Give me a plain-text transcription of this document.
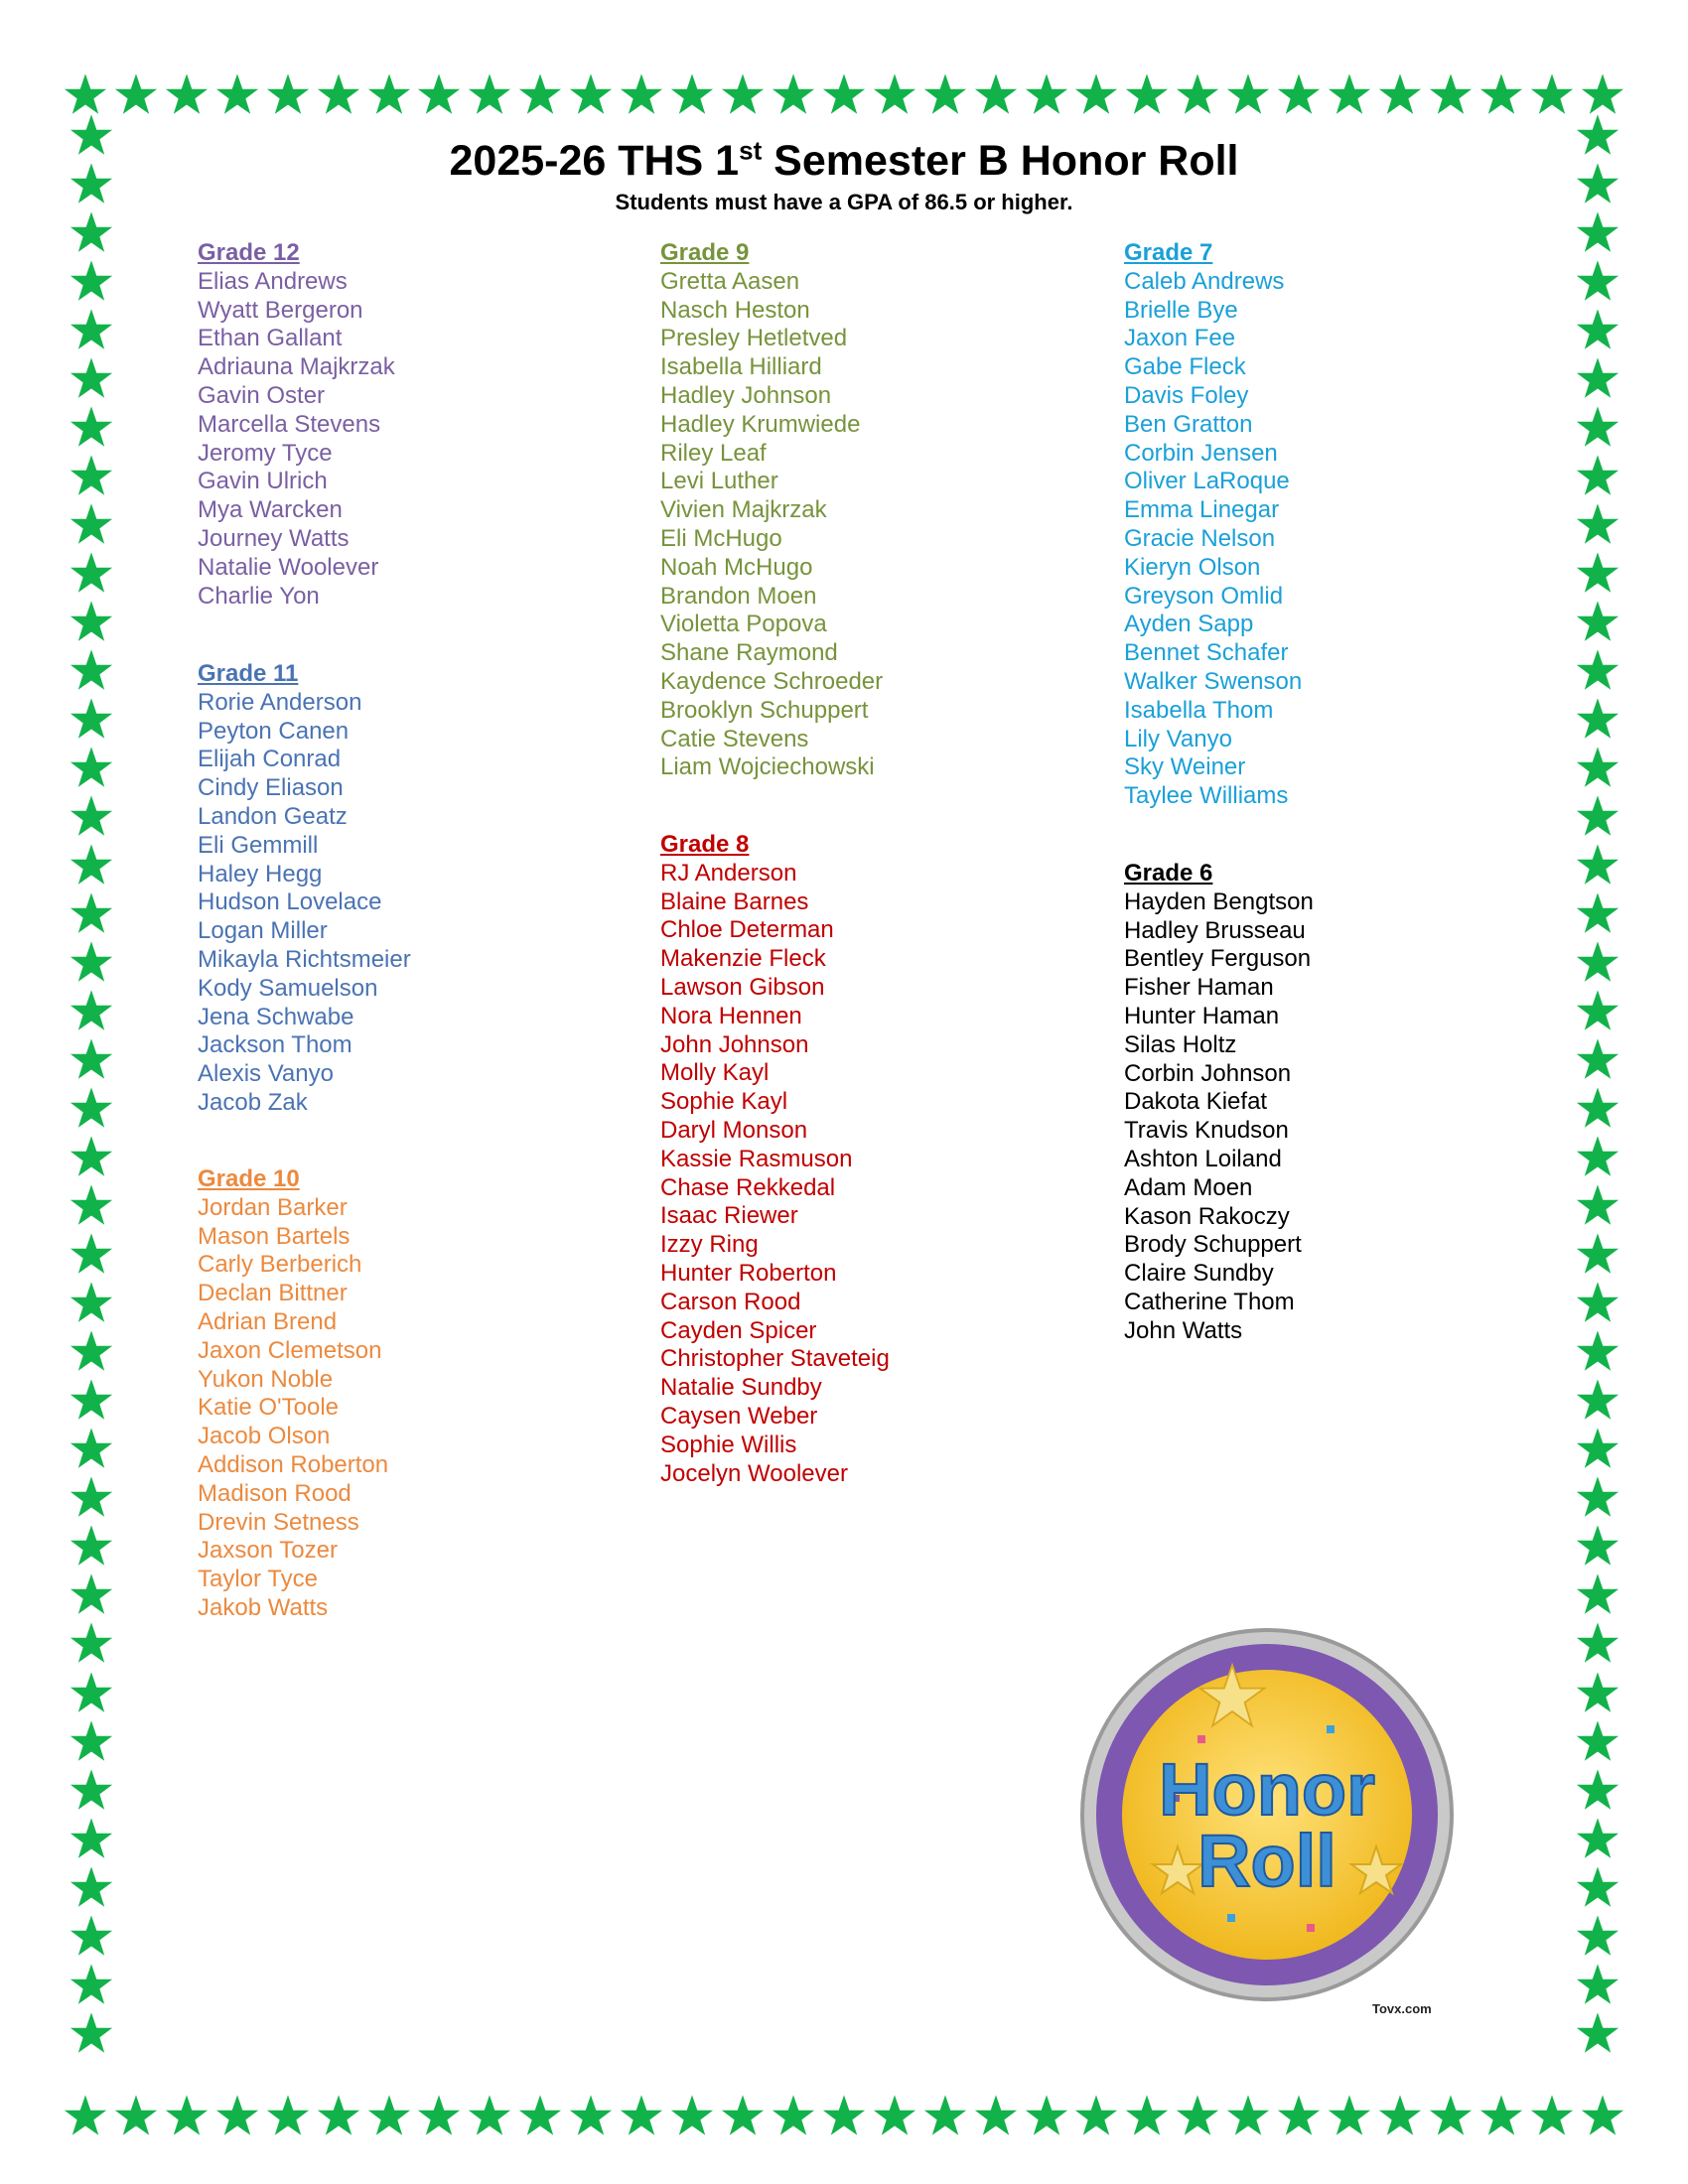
2025-26 THS 1st Semester B Honor Roll
Students must have a GPA of 86.5 or higher.
Grade 12
Elias Andrews
Wyatt Bergeron
Ethan Gallant
Adriauna Majkrzak
Gavin Oster
Marcella Stevens
Jeromy Tyce
Gavin Ulrich
Mya Warcken
Journey Watts
Natalie Woolever
Charlie Yon
Grade 11
Rorie Anderson
Peyton Canen
Elijah Conrad
Cindy Eliason
Landon Geatz
Eli Gemmill
Haley Hegg
Hudson Lovelace
Logan Miller
Mikayla Richtsmeier
Kody Samuelson
Jena Schwabe
Jackson Thom
Alexis Vanyo
Jacob Zak
Grade 10
Jordan Barker
Mason Bartels
Carly Berberich
Declan Bittner
Adrian Brend
Jaxon Clemetson
Yukon Noble
Katie O'Toole
Jacob Olson
Addison Roberton
Madison Rood
Drevin Setness
Jaxson Tozer
Taylor Tyce
Jakob Watts
Grade 9
Gretta Aasen
Nasch Heston
Presley Hetletved
Isabella Hilliard
Hadley Johnson
Hadley Krumwiede
Riley Leaf
Levi Luther
Vivien Majkrzak
Eli McHugo
Noah McHugo
Brandon Moen
Violetta Popova
Shane Raymond
Kaydence Schroeder
Brooklyn Schuppert
Catie Stevens
Liam Wojciechowski
Grade 8
RJ Anderson
Blaine Barnes
Chloe Determan
Makenzie Fleck
Lawson Gibson
Nora Hennen
John Johnson
Molly Kayl
Sophie Kayl
Daryl Monson
Kassie Rasmuson
Chase Rekkedal
Isaac Riewer
Izzy Ring
Hunter Roberton
Carson Rood
Cayden Spicer
Christopher Staveteig
Natalie Sundby
Caysen Weber
Sophie Willis
Jocelyn Woolever
Grade 7
Caleb Andrews
Brielle Bye
Jaxon Fee
Gabe Fleck
Davis Foley
Ben Gratton
Corbin Jensen
Oliver LaRoque
Emma Linegar
Gracie Nelson
Kieryn Olson
Greyson Omlid
Ayden Sapp
Bennet Schafer
Walker Swenson
Isabella Thom
Lily Vanyo
Sky Weiner
Taylee Williams
Grade 6
Hayden Bengtson
Hadley Brusseau
Bentley Ferguson
Fisher Haman
Hunter Haman
Silas Holtz
Corbin Johnson
Dakota Kiefat
Travis Knudson
Ashton Loiland
Adam Moen
Kason Rakoczy
Brody Schuppert
Claire Sundby
Catherine Thom
John Watts
Honor
Roll
Tovx.com
